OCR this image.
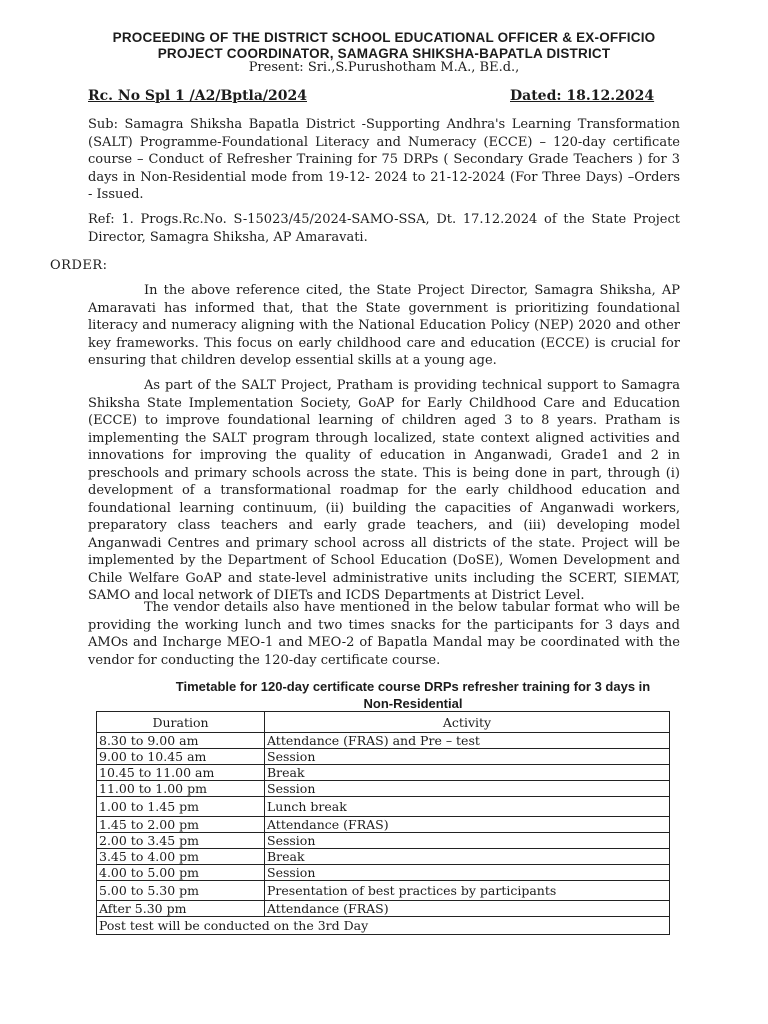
PROCEEDING OF THE DISTRICT SCHOOL EDUCATIONAL OFFICER & EX-OFFICIO
PROJECT COORDINATOR, SAMAGRA SHIKSHA-BAPATLA DISTRICT
Present: Sri.,S.Purushotham M.A., BE.d.,
Rc. No Spl 1 /A2/Bptla/2024	Dated: 18.12.2024
Sub: Samagra Shiksha Bapatla District -Supporting Andhra's Learning Transformation (SALT) Programme-Foundational Literacy and Numeracy (ECCE) – 120-day certificate course – Conduct of Refresher Training for 75 DRPs ( Secondary Grade Teachers ) for 3 days in Non-Residential mode from 19-12- 2024 to 21-12-2024 (For Three Days) –Orders - Issued.
Ref: 1. Progs.Rc.No. S-15023/45/2024-SAMO-SSA, Dt. 17.12.2024 of the State Project Director, Samagra Shiksha, AP Amaravati.
ORDER:
In the above reference cited, the State Project Director, Samagra Shiksha, AP Amaravati has informed that, that the State government is prioritizing foundational literacy and numeracy aligning with the National Education Policy (NEP) 2020 and other key frameworks. This focus on early childhood care and education (ECCE) is crucial for ensuring that children develop essential skills at a young age.
As part of the SALT Project, Pratham is providing technical support to Samagra Shiksha State Implementation Society, GoAP for Early Childhood Care and Education (ECCE) to improve foundational learning of children aged 3 to 8 years. Pratham is implementing the SALT program through localized, state context aligned activities and innovations for improving the quality of education in Anganwadi, Grade1 and 2 in preschools and primary schools across the state. This is being done in part, through (i) development of a transformational roadmap for the early childhood education and foundational learning continuum, (ii) building the capacities of Anganwadi workers, preparatory class teachers and early grade teachers, and (iii) developing model Anganwadi Centres and primary school across all districts of the state. Project will be implemented by the Department of School Education (DoSE), Women Development and Chile Welfare GoAP and state-level administrative units including the SCERT, SIEMAT, SAMO and local network of DIETs and ICDS Departments at District Level.
The vendor details also have mentioned in the below tabular format who will be providing the working lunch and two times snacks for the participants for 3 days and AMOs and Incharge MEO-1 and MEO-2 of Bapatla Mandal may be coordinated with the vendor for conducting the 120-day certificate course.
Timetable for 120-day certificate course DRPs refresher training for 3 days in
Non-Residential
Duration	Activity
8.30 to 9.00 am	Attendance (FRAS) and Pre – test
9.00 to 10.45 am	Session
10.45 to 11.00 am	Break
11.00 to 1.00 pm	Session
1.00 to 1.45 pm	Lunch break
1.45 to 2.00 pm	Attendance (FRAS)
2.00 to 3.45 pm	Session
3.45 to 4.00 pm	Break
4.00 to 5.00 pm	Session
5.00 to 5.30 pm	Presentation of best practices by participants
After 5.30 pm	Attendance (FRAS)
Post test will be conducted on the 3rd Day	
